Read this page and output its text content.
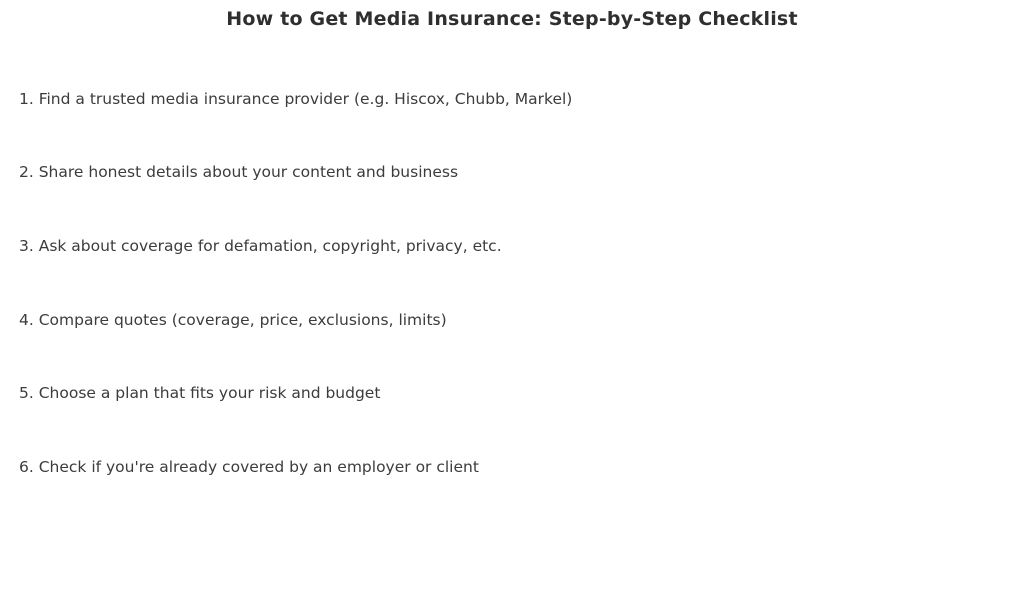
How to Get Media Insurance: Step-by-Step Checklist
1. Find a trusted media insurance provider (e.g. Hiscox, Chubb, Markel)
2. Share honest details about your content and business
3. Ask about coverage for defamation, copyright, privacy, etc.
4. Compare quotes (coverage, price, exclusions, limits)
5. Choose a plan that fits your risk and budget
6. Check if you're already covered by an employer or client
